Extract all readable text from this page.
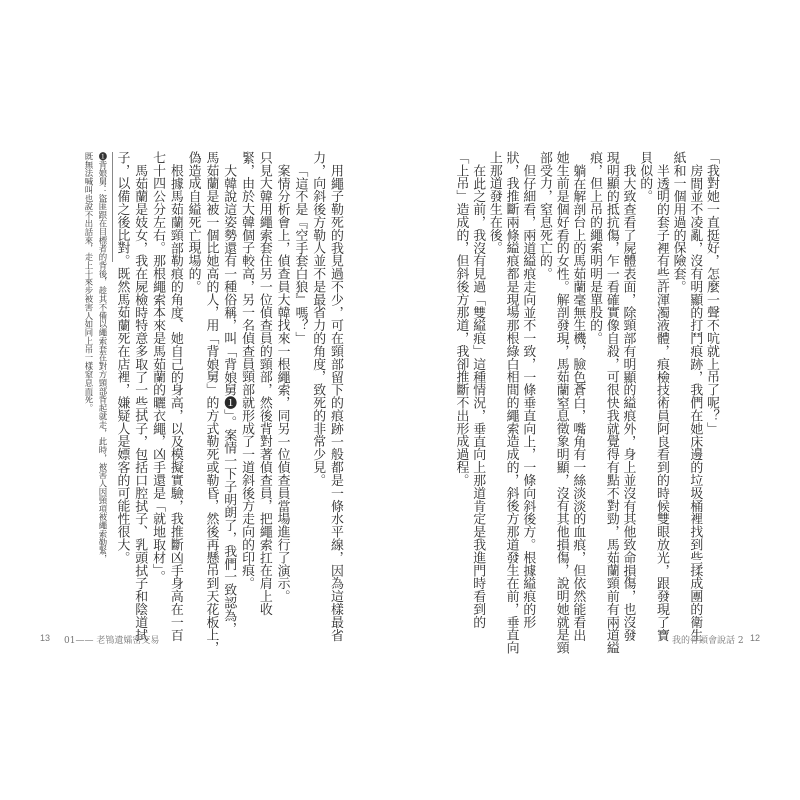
「我對她一直挺好，怎麼一聲不吭就上吊了呢？」
房間並不凌亂，沒有明顯的打鬥痕跡，我們在她床邊的垃圾桶裡找到些揉成團的衛生
紙和一個用過的保險套。
半透明的套子裡有些許渾濁液體，痕檢技術員阿良看到的時候雙眼放光，跟發現了寶
貝似的。
我大致查看了屍體表面，除頸部有明顯的縊痕外，身上並沒有其他致命損傷，也沒發
現明顯的抵抗傷，乍一看確實像自殺，可很快我就覺得有點不對勁，馬茹蘭頸前有兩道縊
痕，但上吊的繩索明明是單股的。
躺在解剖台上的馬茹蘭毫無生機，臉色蒼白，嘴角有一絲淡淡的血痕，但依然能看出
她生前是個好看的女性。解剖發現，馬茹蘭窒息徵象明顯，沒有其他損傷，說明她就是頸
部受力，窒息死亡的。
但仔細看，兩道縊痕走向並不一致，一條垂直向上，一條向斜後方。根據縊痕的形
狀，我推斷兩條縊痕都是現場那根綠白相間的繩索造成的，斜後方那道發生在前，垂直向
上那道發生在後。
在此之前，我沒有見過「雙縊痕」這種情況，垂直向上那道肯定是我進門時看到的
「上吊」造成的，但斜後方那道，我卻推斷不出形成過程。
用繩子勒死的我見過不少，可在頸部留下的痕跡一般都是一條水平線，因為這樣最省
力，向斜後方勒人並不是最省力的角度，致死的非常少見。
「這不是『空手套白狼』嗎？」
案情分析會上，偵查員大韓找來一根繩索，同另一位偵查員當場進行了演示。
只見大韓用繩索套住另一位偵查員的頸部，然後背對著偵查員，把繩索扛在肩上收
緊，由於大韓個子較高，另一名偵查員頸部就形成了一道斜後方走向的印痕。
大韓說這姿勢還有一種俗稱，叫「背娘舅❶」。案情一下子明朗了，我們一致認為，
馬茹蘭是被一個比她高的人，用「背娘舅」的方式勒死或勒昏，然後再懸吊到天花板上，
偽造成自縊死亡現場的。
根據馬茹蘭頸部勒痕的角度、她自己的身高，以及模擬實驗，我推斷凶手身高在一百
七十四公分左右。那根繩索本來是馬茹蘭的曬衣繩，凶手還是「就地取材」。
馬茹蘭是妓女，我在屍檢時特意多取了一些拭子，包括口腔拭子、乳頭拭子和陰道拭
子，以備之後比對。既然馬茹蘭死在店裡，嫌疑人是嫖客的可能性很大。
❶背娘舅：盜匪跟在目標者的背後，趁其不備以繩索套在對方頸部背起就走，此時，被害人因頸項被繩索勒緊，
既無法喊叫也說不出話來，走上十來步被害人如同上吊一樣窒息而死。
13 01—— 老鴇遺孀密交易	我的骨頭會說話 2 12
